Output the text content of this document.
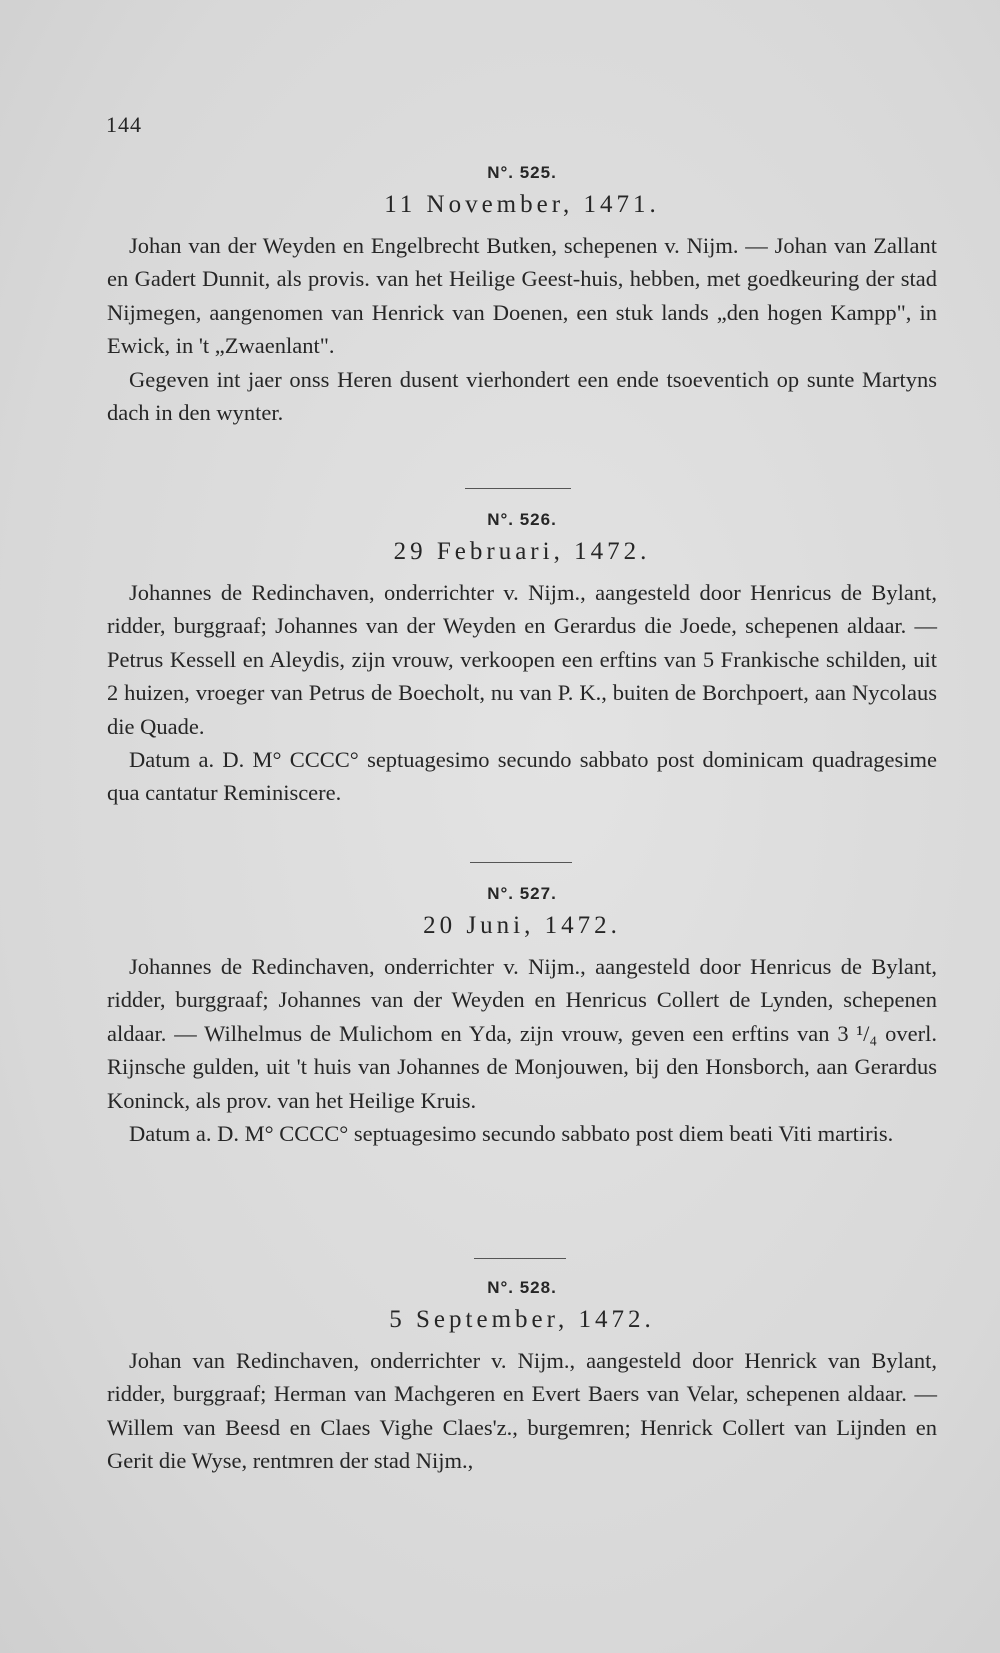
144
N°. 525.
11 November, 1471.

Johan van der Weyden en Engelbrecht Butken, schepenen v. Nijm. — Johan van Zallant en Gadert Dunnit, als provis. van het Heilige Geest-huis, hebben, met goedkeuring der stad Nijmegen, aangenomen van Henrick van Doenen, een stuk lands „den hogen Kampp", in Ewick, in 't „Zwaenlant".

Gegeven int jaer onss Heren dusent vierhondert een ende tsoeventich op sunte Martyns dach in den wynter.

N°. 526.
29 Februari, 1472.

Johannes de Redinchaven, onderrichter v. Nijm., aangesteld door Henricus de Bylant, ridder, burggraaf; Johannes van der Weyden en Gerardus die Joede, schepenen aldaar. — Petrus Kessell en Aleydis, zijn vrouw, verkoopen een erftins van 5 Frankische schilden, uit 2 huizen, vroeger van Petrus de Boecholt, nu van P. K., buiten de Borchpoert, aan Nycolaus die Quade.

Datum a. D. M° CCCC° septuagesimo secundo sabbato post dominicam quadragesime qua cantatur Reminiscere.

N°. 527.
20 Juni, 1472.

Johannes de Redinchaven, onderrichter v. Nijm., aangesteld door Henricus de Bylant, ridder, burggraaf; Johannes van der Weyden en Henricus Collert de Lynden, schepenen aldaar. — Wilhelmus de Mulichom en Yda, zijn vrouw, geven een erftins van 3 ¹/₄ overl. Rijnsche gulden, uit 't huis van Johannes de Monjouwen, bij den Honsborch, aan Gerardus Koninck, als prov. van het Heilige Kruis.

Datum a. D. M° CCCC° septuagesimo secundo sabbato post diem beati Viti martiris.

N°. 528.
5 September, 1472.

Johan van Redinchaven, onderrichter v. Nijm., aangesteld door Henrick van Bylant, ridder, burggraaf; Herman van Machgeren en Evert Baers van Velar, schepenen aldaar. — Willem van Beesd en Claes Vighe Claes'z., burgemren; Henrick Collert van Lijnden en Gerit die Wyse, rentmren der stad Nijm.,
